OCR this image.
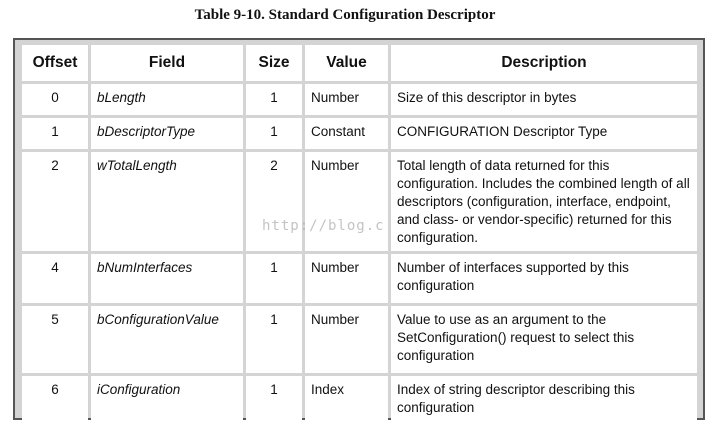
Table 9-10. Standard Configuration Descriptor
Offset	Field	Size	Value	Description
0	bLength	1	Number	Size of this descriptor in bytes
1	bDescriptorType	1	Constant	CONFIGURATION Descriptor Type
2	wTotalLength	2	Number	Total length of data returned for this configuration. Includes the combined length of all descriptors (configuration, interface, endpoint, and class- or vendor-specific) returned for this configuration.
4	bNumInterfaces	1	Number	Number of interfaces supported by this configuration
5	bConfigurationValue	1	Number	Value to use as an argument to the SetConfiguration() request to select this configuration
6	iConfiguration	1	Index	Index of string descriptor describing this configuration
http://blog.c
